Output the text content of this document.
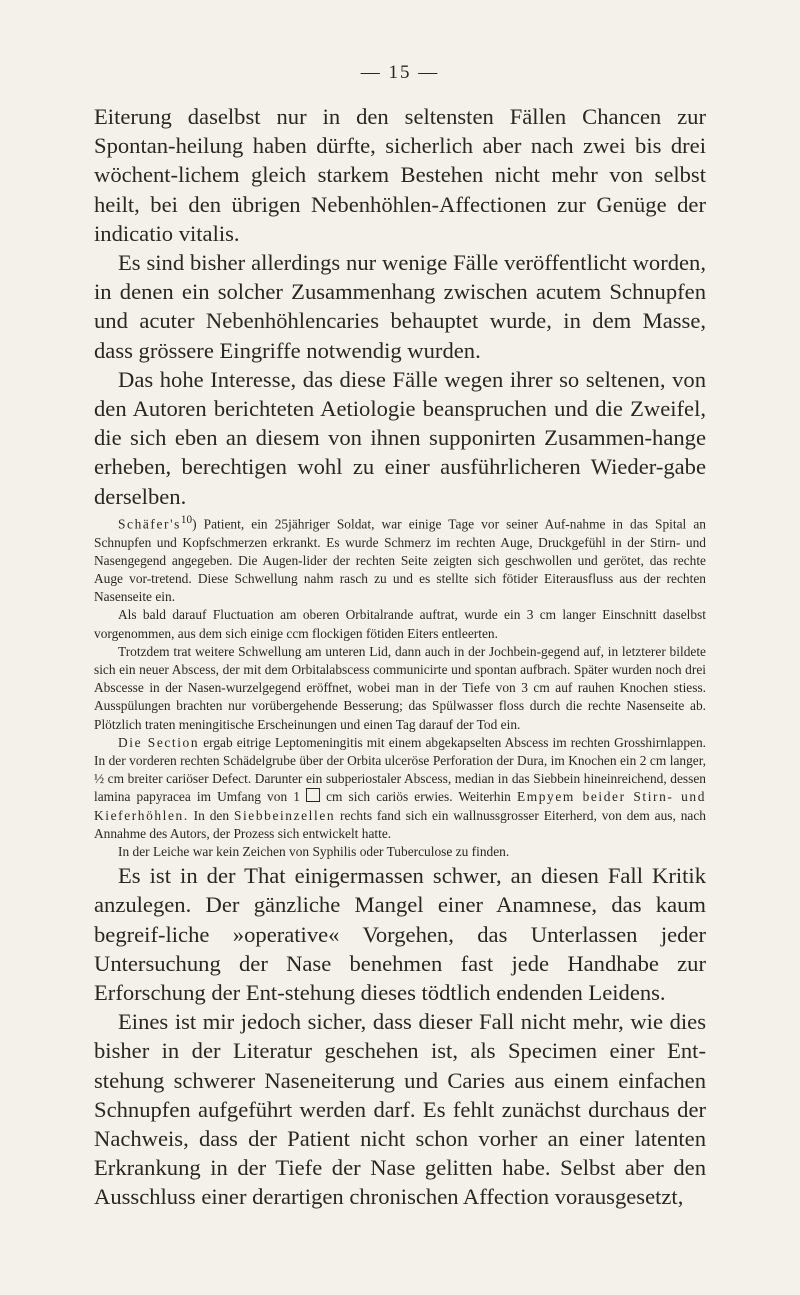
— 15 —

Eiterung daselbst nur in den seltensten Fällen Chancen zur Spontan-heilung haben dürfte, sicherlich aber nach zwei bis drei wöchent-lichem gleich starkem Bestehen nicht mehr von selbst heilt, bei den übrigen Nebenhöhlen-Affectionen zur Genüge der indicatio vitalis.

Es sind bisher allerdings nur wenige Fälle veröffentlicht worden, in denen ein solcher Zusammenhang zwischen acutem Schnupfen und acuter Nebenhöhlencaries behauptet wurde, in dem Masse, dass grössere Eingriffe notwendig wurden.

Das hohe Interesse, das diese Fälle wegen ihrer so seltenen, von den Autoren berichteten Aetiologie beanspruchen und die Zweifel, die sich eben an diesem von ihnen supponirten Zusammen-hange erheben, berechtigen wohl zu einer ausführlicheren Wieder-gabe derselben.

$Schäfer's^{10}$) Patient, ein 25jähriger Soldat, war einige Tage vor seiner Auf-nahme in das Spital an Schnupfen und Kopfschmerzen erkrankt. Es wurde Schmerz im rechten Auge, Druckgefühl in der Stirn- und Nasengegend angegeben. Die Augen-lider der rechten Seite zeigten sich geschwollen und gerötet, das rechte Auge vor-tretend. Diese Schwellung nahm rasch zu und es stellte sich fötider Eiterausfluss aus der rechten Nasenseite ein.

Als bald darauf Fluctuation am oberen Orbitalrande auftrat, wurde ein 3 cm langer Einschnitt daselbst vorgenommen, aus dem sich einige ccm flockigen fötiden Eiters entleerten.

Trotzdem trat weitere Schwellung am unteren Lid, dann auch in der Jochbein-gegend auf, in letzterer bildete sich ein neuer Abscess, der mit dem Orbitalabscess communicirte und spontan aufbrach. Später wurden noch drei Abscesse in der Nasen-wurzelgegend eröffnet, wobei man in der Tiefe von 3 cm auf rauhen Knochen stiess. Ausspülungen brachten nur vorübergehende Besserung; das Spülwasser floss durch die rechte Nasenseite ab. Plötzlich traten meningitische Erscheinungen und einen Tag darauf der Tod ein.

Die Section ergab eitrige Leptomeningitis mit einem abgekapselten Abscess im rechten Grosshirnlappen. In der vorderen rechten Schädelgrube über der Orbita ulceröse Perforation der Dura, im Knochen ein 2 cm langer, ½ cm breiter cariöser Defect. Darunter ein subperiostaler Abscess, median in das Siebbein hineinreichend, dessen lamina papyracea im Umfang von 1  cm sich cariös erwies. Weiterhin Empyem beider Stirn- und Kieferhöhlen. In den Siebbeinzellen rechts fand sich ein wallnussgrosser Eiterherd, von dem aus, nach Annahme des Autors, der Prozess sich entwickelt hatte.

In der Leiche war kein Zeichen von Syphilis oder Tuberculose zu finden.

Es ist in der That einigermassen schwer, an diesen Fall Kritik anzulegen. Der gänzliche Mangel einer Anamnese, das kaum begreif-liche »operative« Vorgehen, das Unterlassen jeder Untersuchung der Nase benehmen fast jede Handhabe zur Erforschung der Ent-stehung dieses tödtlich endenden Leidens.

Eines ist mir jedoch sicher, dass dieser Fall nicht mehr, wie dies bisher in der Literatur geschehen ist, als Specimen einer Ent-stehung schwerer Naseneiterung und Caries aus einem einfachen Schnupfen aufgeführt werden darf. Es fehlt zunächst durchaus der Nachweis, dass der Patient nicht schon vorher an einer latenten Erkrankung in der Tiefe der Nase gelitten habe. Selbst aber den Ausschluss einer derartigen chronischen Affection vorausgesetzt,
